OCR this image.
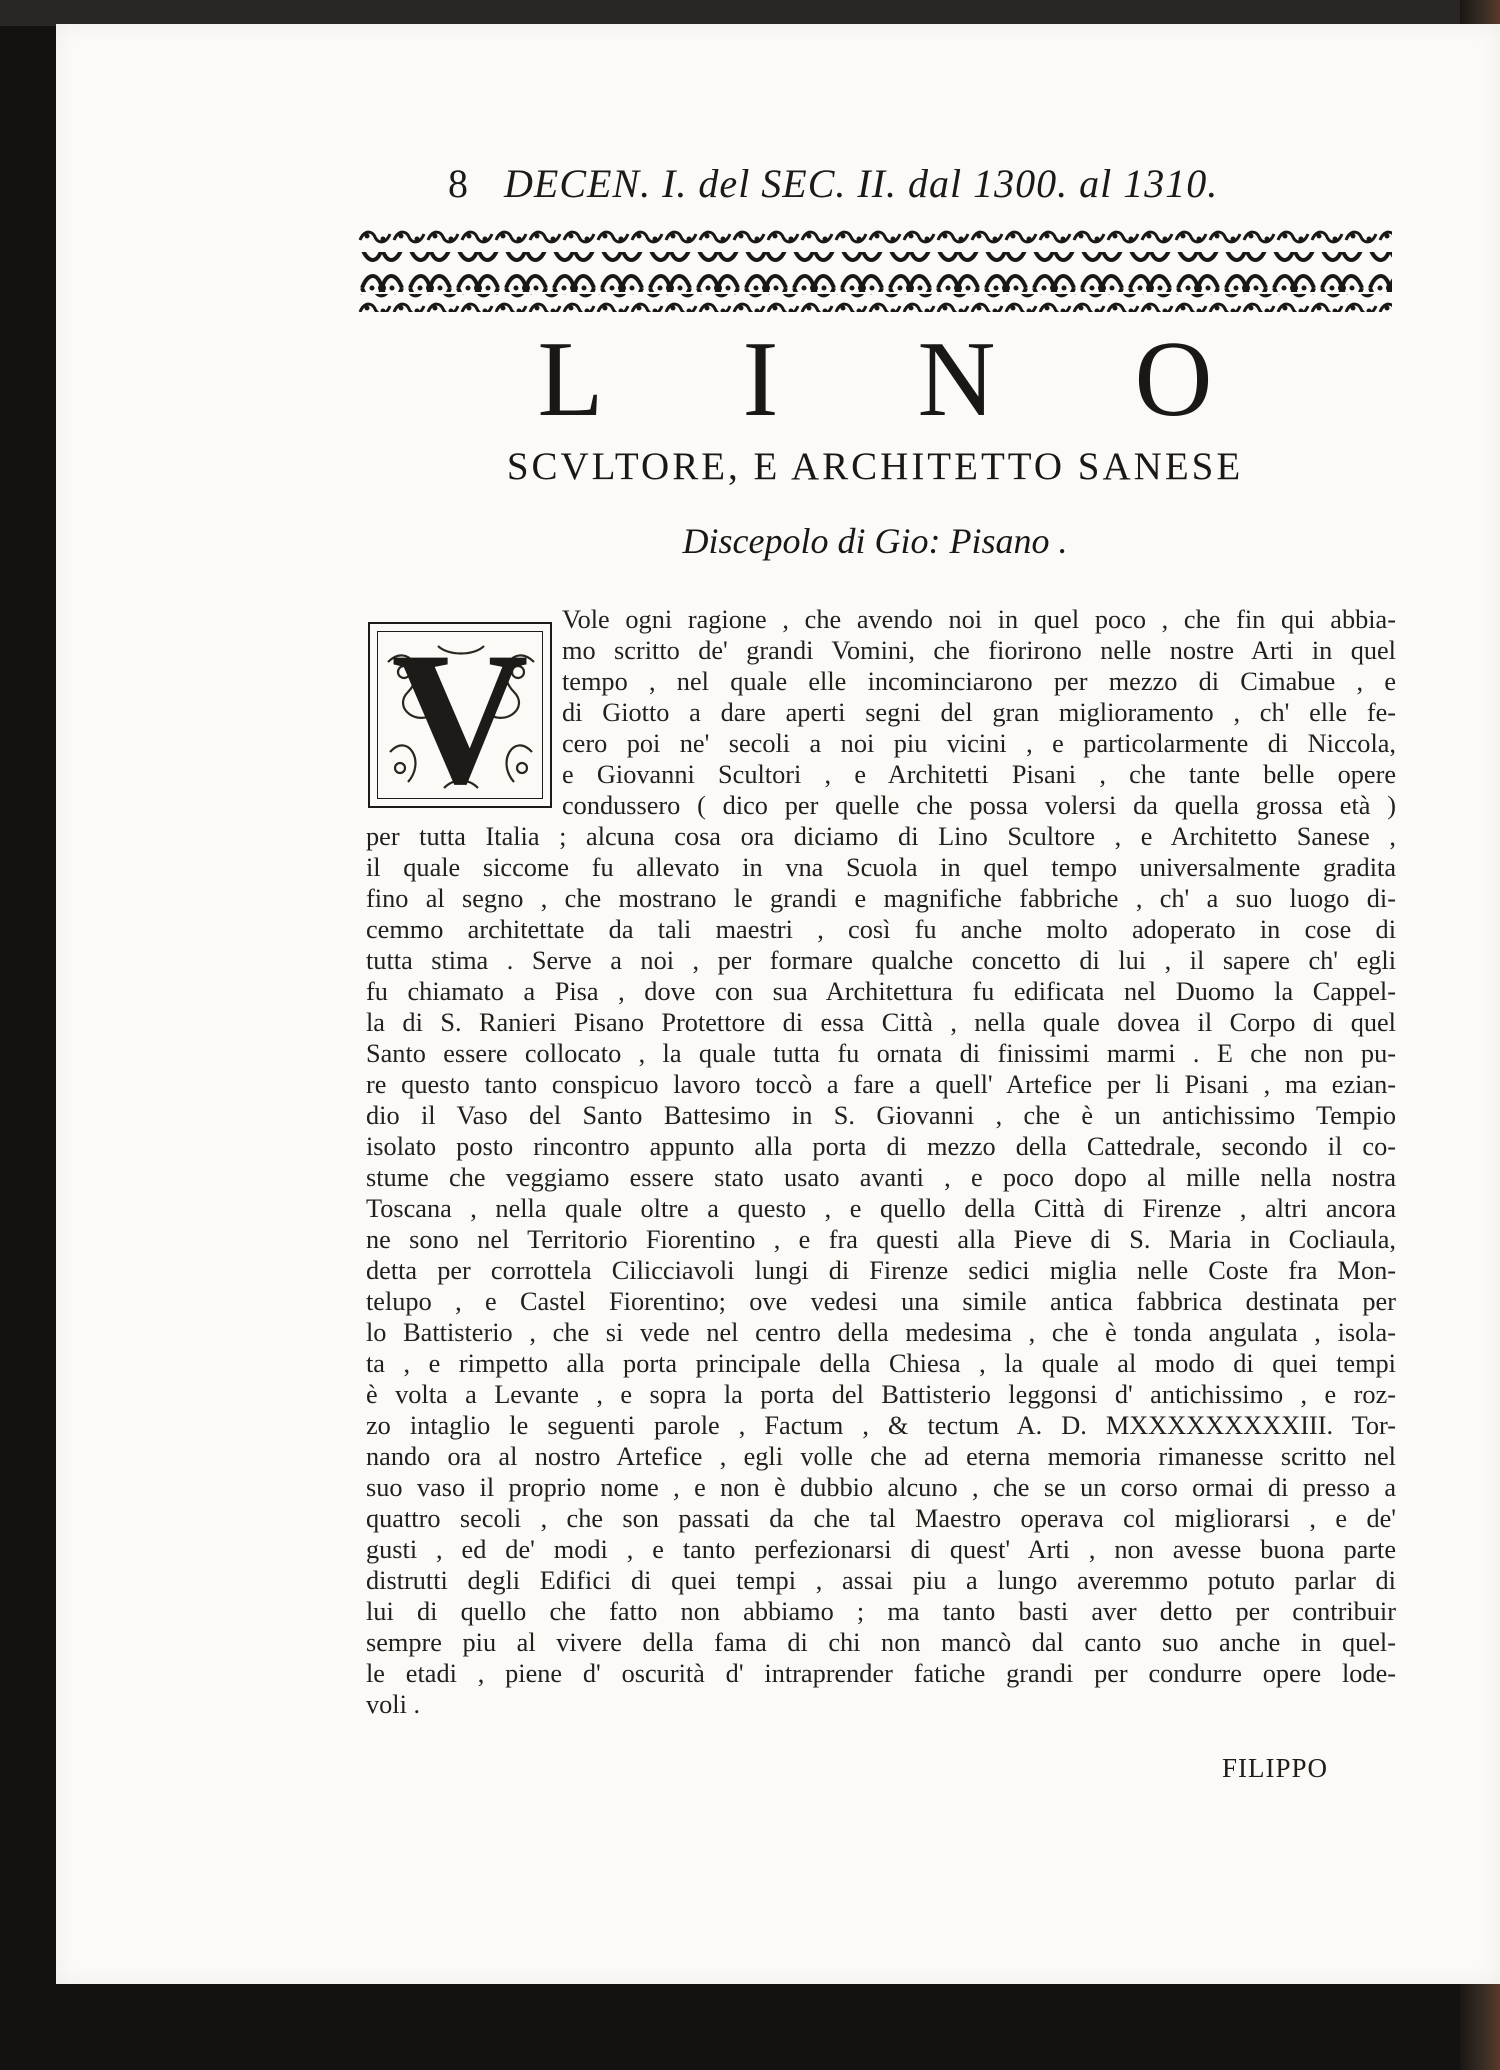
8 DECEN. I. del SEC. II. dal 1300. al 1310.
L I N O
SCVLTORE, E ARCHITETTO SANESE
Discepolo di Gio: Pisano .
V	Vole ogni ragione , che avendo noi in quel poco , che fin qui abbia-
mo scritto de' grandi Vomini, che fiorirono nelle nostre Arti in quel
tempo , nel quale elle incominciarono per mezzo di Cimabue , e
di Giotto a dare aperti segni del gran miglioramento , ch' elle fe-
cero poi ne' secoli a noi piu vicini , e particolarmente di Niccola,
e Giovanni Scultori , e Architetti Pisani , che tante belle opere
condussero ( dico per quelle che possa volersi da quella grossa età )
per tutta Italia ; alcuna cosa ora diciamo di Lino Scultore , e Architetto Sanese ,
il quale siccome fu allevato in vna Scuola in quel tempo universalmente gradita
fino al segno , che mostrano le grandi e magnifiche fabbriche , ch' a suo luogo di-
cemmo architettate da tali maestri , così fu anche molto adoperato in cose di
tutta stima . Serve a noi , per formare qualche concetto di lui , il sapere ch' egli
fu chiamato a Pisa , dove con sua Architettura fu edificata nel Duomo la Cappel-
la di S. Ranieri Pisano Protettore di essa Città , nella quale dovea il Corpo di quel
Santo essere collocato , la quale tutta fu ornata di finissimi marmi . E che non pu-
re questo tanto conspicuo lavoro toccò a fare a quell' Artefice per li Pisani , ma ezian-
dio il Vaso del Santo Battesimo in S. Giovanni , che è un antichissimo Tempio
isolato posto rincontro appunto alla porta di mezzo della Cattedrale, secondo il co-
stume che veggiamo essere stato usato avanti , e poco dopo al mille nella nostra
Toscana , nella quale oltre a questo , e quello della Città di Firenze , altri ancora
ne sono nel Territorio Fiorentino , e fra questi alla Pieve di S. Maria in Cocliaula,
detta per corrottela Cilicciavoli lungi di Firenze sedici miglia nelle Coste fra Mon-
telupo , e Castel Fiorentino; ove vedesi una simile antica fabbrica destinata per
lo Battisterio , che si vede nel centro della medesima , che è tonda angulata , isola-
ta , e rimpetto alla porta principale della Chiesa , la quale al modo di quei tempi
è volta a Levante , e sopra la porta del Battisterio leggonsi d' antichissimo , e roz-
zo intaglio le seguenti parole , Factum , & tectum A. D. MXXXXXXXXXIII. Tor-
nando ora al nostro Artefice , egli volle che ad eterna memoria rimanesse scritto nel
suo vaso il proprio nome , e non è dubbio alcuno , che se un corso ormai di presso a
quattro secoli , che son passati da che tal Maestro operava col migliorarsi , e de'
gusti , ed de' modi , e tanto perfezionarsi di quest' Arti , non avesse buona parte
distrutti degli Edifici di quei tempi , assai piu a lungo averemmo potuto parlar di
lui di quello che fatto non abbiamo ; ma tanto basti aver detto per contribuir
sempre piu al vivere della fama di chi non mancò dal canto suo anche in quel-
le etadi , piene d' oscurità d' intraprender fatiche grandi per condurre opere lode-
voli .
FILIPPO
